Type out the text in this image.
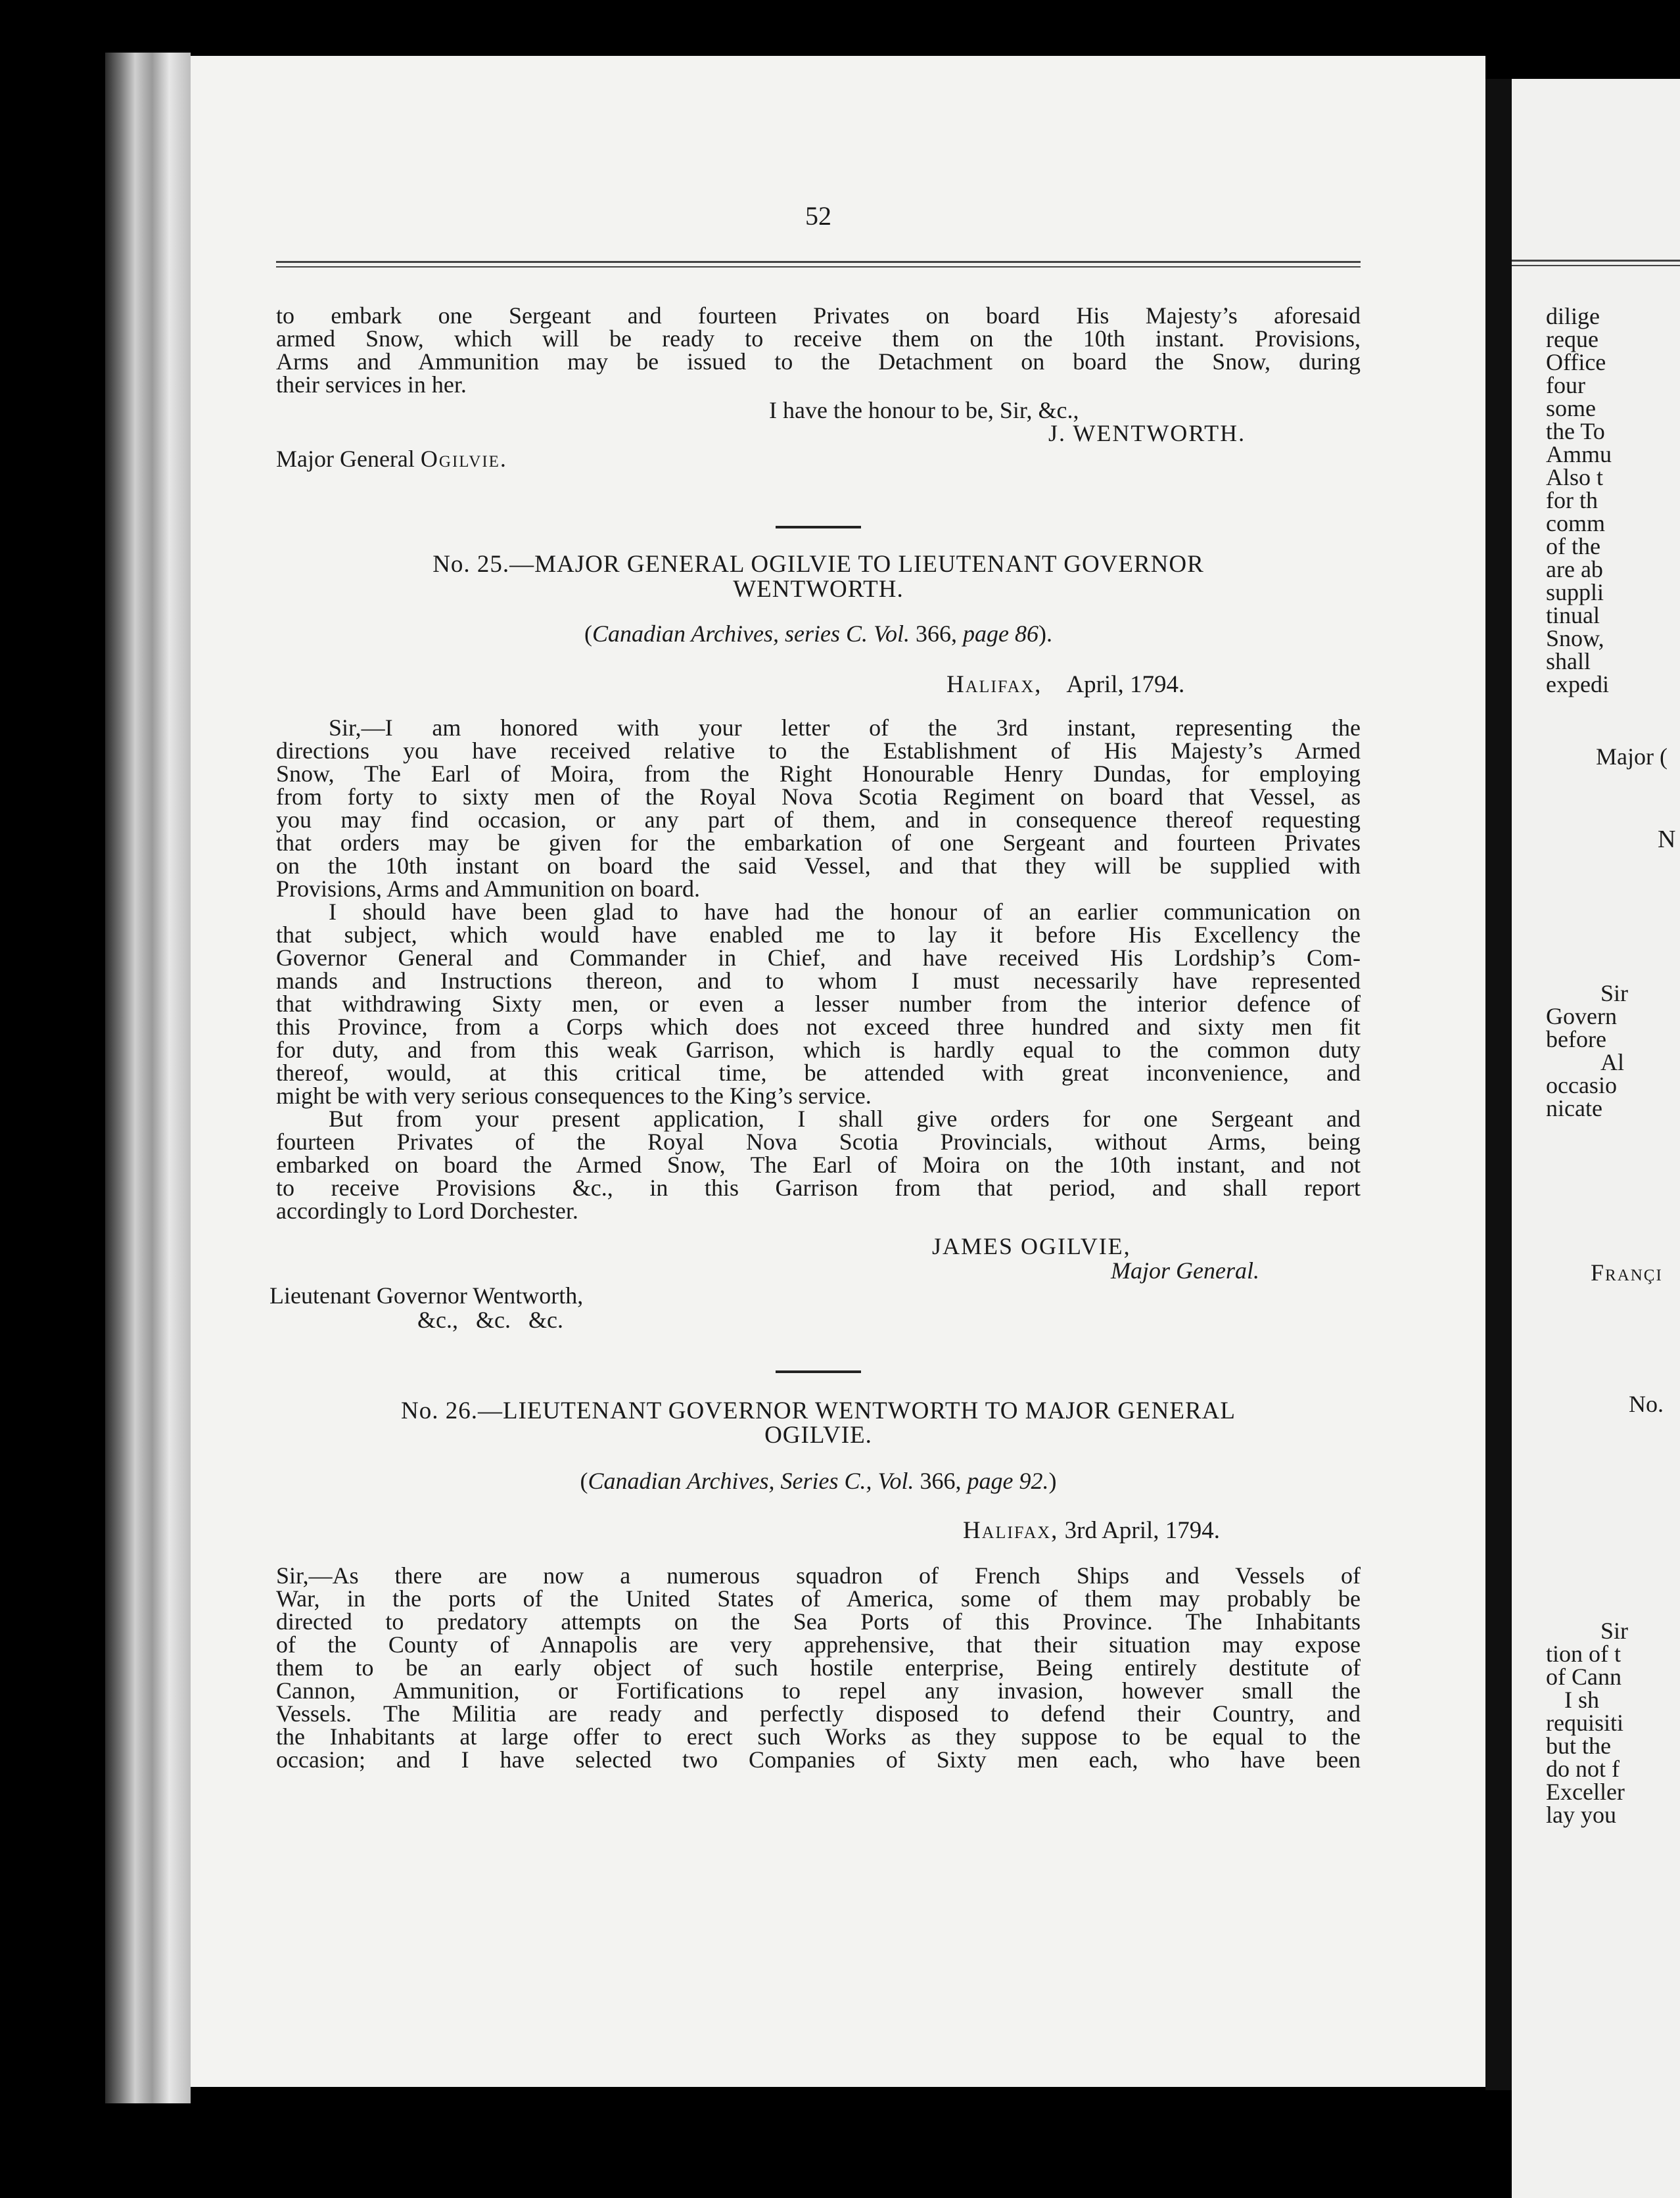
52

to embark one Sergeant and fourteen Privates on board His Majesty’s aforesaid
armed Snow, which will be ready to receive them on the 10th instant. Provisions,
Arms and Ammunition may be issued to the Detachment on board the Snow, during
their services in her.

I have the honour to be, Sir, &c.,

J. WENTWORTH.

Major General Ogilvie.

No. 25.—MAJOR GENERAL OGILVIE TO LIEUTENANT GOVERNOR

WENTWORTH.

(Canadian Archives, series C. Vol. 366, page 86).

Halifax, April, 1794.

Sir,—I am honored with your letter of the 3rd instant, representing the
directions you have received relative to the Establishment of His Majesty’s Armed
Snow, The Earl of Moira, from the Right Honourable Henry Dundas, for employing
from forty to sixty men of the Royal Nova Scotia Regiment on board that Vessel, as
you may find occasion, or any part of them, and in consequence thereof requesting
that orders may be given for the embarkation of one Sergeant and fourteen Privates
on the 10th instant on board the said Vessel, and that they will be supplied with
Provisions, Arms and Ammunition on board.
I should have been glad to have had the honour of an earlier communication on
that subject, which would have enabled me to lay it before His Excellency the
Governor General and Commander in Chief, and have received His Lordship’s Com-
mands and Instructions thereon, and to whom I must necessarily have represented
that withdrawing Sixty men, or even a lesser number from the interior defence of
this Province, from a Corps which does not exceed three hundred and sixty men fit
for duty, and from this weak Garrison, which is hardly equal to the common duty
thereof, would, at this critical time, be attended with great inconvenience, and
might be with very serious consequences to the King’s service.
But from your present application, I shall give orders for one Sergeant and
fourteen Privates of the Royal Nova Scotia Provincials, without Arms, being
embarked on board the Armed Snow, The Earl of Moira on the 10th instant, and not
to receive Provisions &c., in this Garrison from that period, and shall report
accordingly to Lord Dorchester.

JAMES OGILVIE,

Major General.

Lieutenant Governor Wentworth,

&c., &c. &c.

No. 26.—LIEUTENANT GOVERNOR WENTWORTH TO MAJOR GENERAL

OGILVIE.

(Canadian Archives, Series C., Vol. 366, page 92.)

Halifax, 3rd April, 1794.

Sir,—As there are now a numerous squadron of French Ships and Vessels of
War, in the ports of the United States of America, some of them may probably be
directed to predatory attempts on the Sea Ports of this Province. The Inhabitants
of the County of Annapolis are very apprehensive, that their situation may expose
them to be an early object of such hostile enterprise, Being entirely destitute of
Cannon, Ammunition, or Fortifications to repel any invasion, however small the
Vessels. The Militia are ready and perfectly disposed to defend their Country, and
the Inhabitants at large offer to erect such Works as they suppose to be equal to the
occasion; and I have selected two Companies of Sixty men each, who have been

dilige

reque

Office

four

some

the To

Ammu

Also t

for th

comm

of the

are ab

suppli

tinual

Snow,

shall

expedi

Major (

N

Sir

Govern

before

Al

occasio

nicate

Françi

No.

Sir

tion of t

of Cann

I sh

requisiti

but the

do not f

Exceller

lay you
